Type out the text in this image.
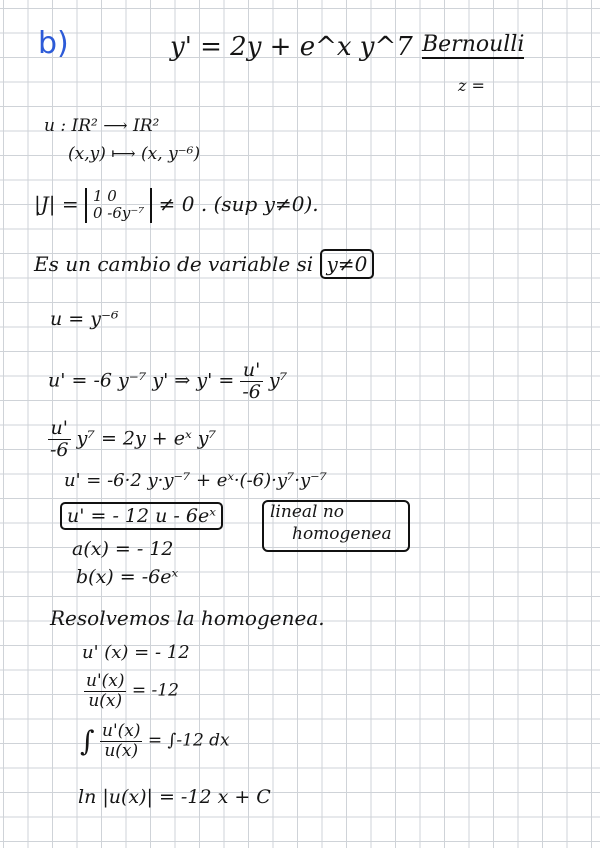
b)	y' = 2y + e^x y^7 Bernoulli
z =
u : IR² ⟶ IR²
(x,y) ⟼ (x, y⁻⁶)
|J| = 1 0
0 -6y⁻⁷ ≠ 0 . (sup y≠0).
Es un cambio de variable si y≠0
u = y⁻⁶
u' = -6 y⁻⁷ y' ⇒ $y' = \frac{u'}{-6} y^7$
$\frac{u'}{-6} y^7 = 2y$ + eˣ y⁷
u' = -6·2 y·y⁻⁷ + eˣ·(-6)·y⁷·y⁻⁷
u' = - 12 u - 6eˣ	lineal no
homogenea
a(x) = - 12
b(x) = -6eˣ
Resolvemos la homogenea.
u' (x) = - 12
$\frac{u'(x)}{u(x)} = -12$
∫ $\frac{u'(x)}{u(x)} = \int-12$ dx
ln |u(x)| = -12 x + C
